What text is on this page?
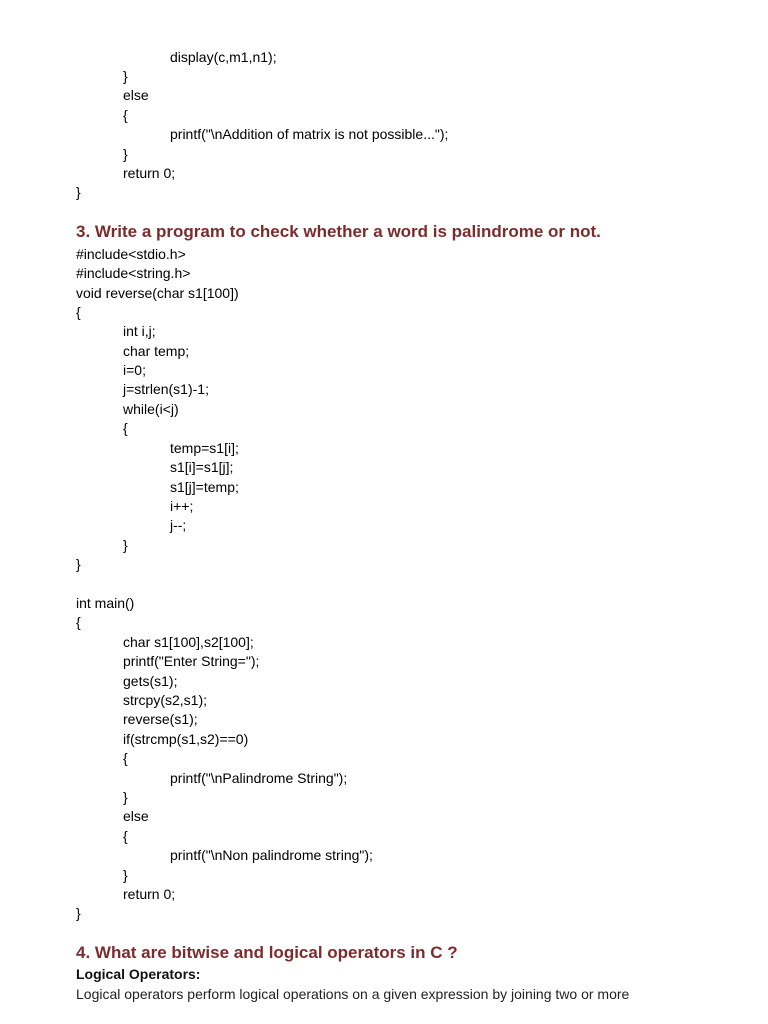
display(c,m1,n1);
}
else
{
printf("\nAddition of matrix is not possible...");
}
return 0;
}
3. Write a program to check whether a word is palindrome or not.
#include<stdio.h>
#include<string.h>
void reverse(char s1[100])
{
int i,j;
char temp;
i=0;
j=strlen(s1)-1;
while(i<j)
{
temp=s1[i];
s1[i]=s1[j];
s1[j]=temp;
i++;
j--;
}
}
int main()
{
char s1[100],s2[100];
printf("Enter String=");
gets(s1);
strcpy(s2,s1);
reverse(s1);
if(strcmp(s1,s2)==0)
{
printf("\nPalindrome String");
}
else
{
printf("\nNon palindrome string");
}
return 0;
}
4. What are bitwise and logical operators in C ?
Logical Operators:
Logical operators perform logical operations on a given expression by joining two or more
